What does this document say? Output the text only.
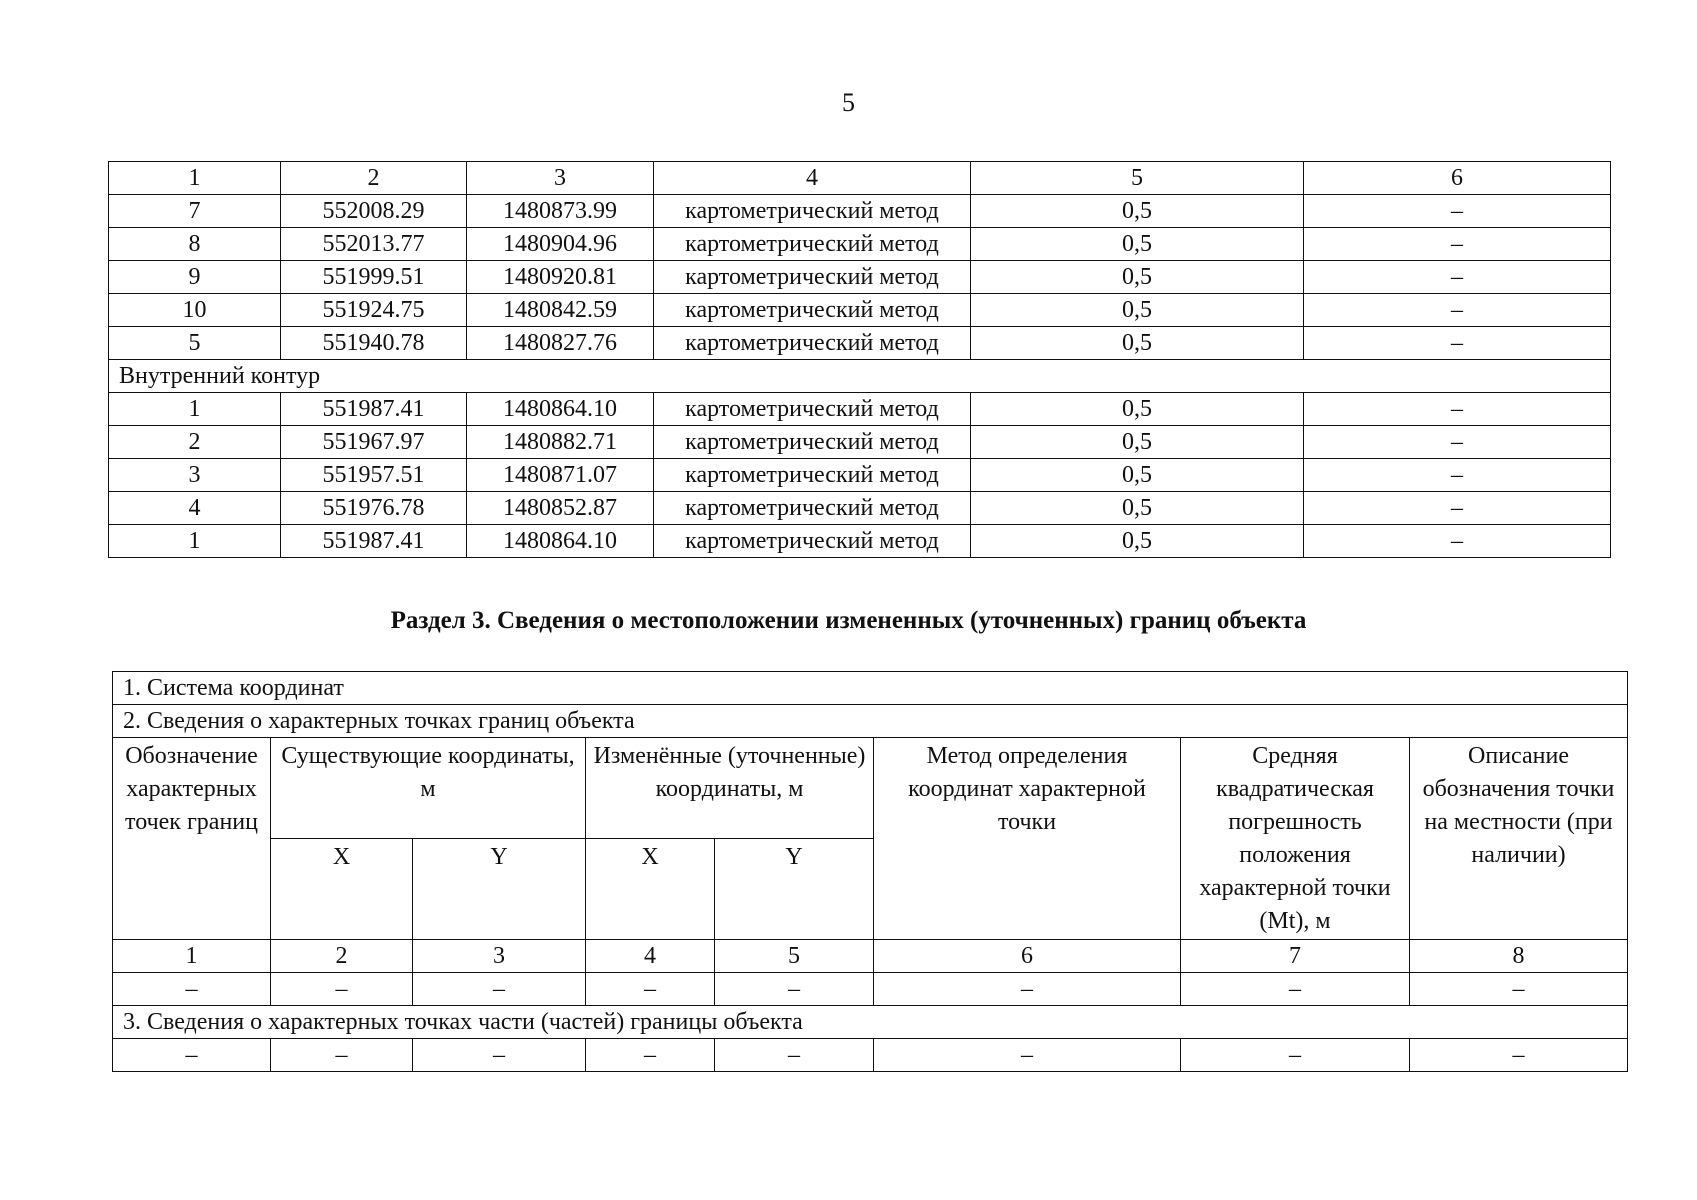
5
1	2	3	4	5	6
7	552008.29	1480873.99	картометрический метод	0,5	–
8	552013.77	1480904.96	картометрический метод	0,5	–
9	551999.51	1480920.81	картометрический метод	0,5	–
10	551924.75	1480842.59	картометрический метод	0,5	–
5	551940.78	1480827.76	картометрический метод	0,5	–
Внутренний контур					
1	551987.41	1480864.10	картометрический метод	0,5	–
2	551967.97	1480882.71	картометрический метод	0,5	–
3	551957.51	1480871.07	картометрический метод	0,5	–
4	551976.78	1480852.87	картометрический метод	0,5	–
1	551987.41	1480864.10	картометрический метод	0,5	–
Раздел 3. Сведения о местоположении измененных (уточненных) границ объекта
1. Система координат							
2. Сведения о характерных точках границ объекта							
Обозначение характерных точек границ	Существующие координаты, м		Изменённые (уточненные) координаты, м		Метод определения координат характерной точки	Средняя квадратическая погрешность положения характерной точки (Mt), м	Описание обозначения точки на местности (при наличии)
	X	Y	X	Y			
1	2	3	4	5	6	7	8
–	–	–	–	–	–	–	–
3. Сведения о характерных точках части (частей) границы объекта							
–	–	–	–	–	–	–	–
